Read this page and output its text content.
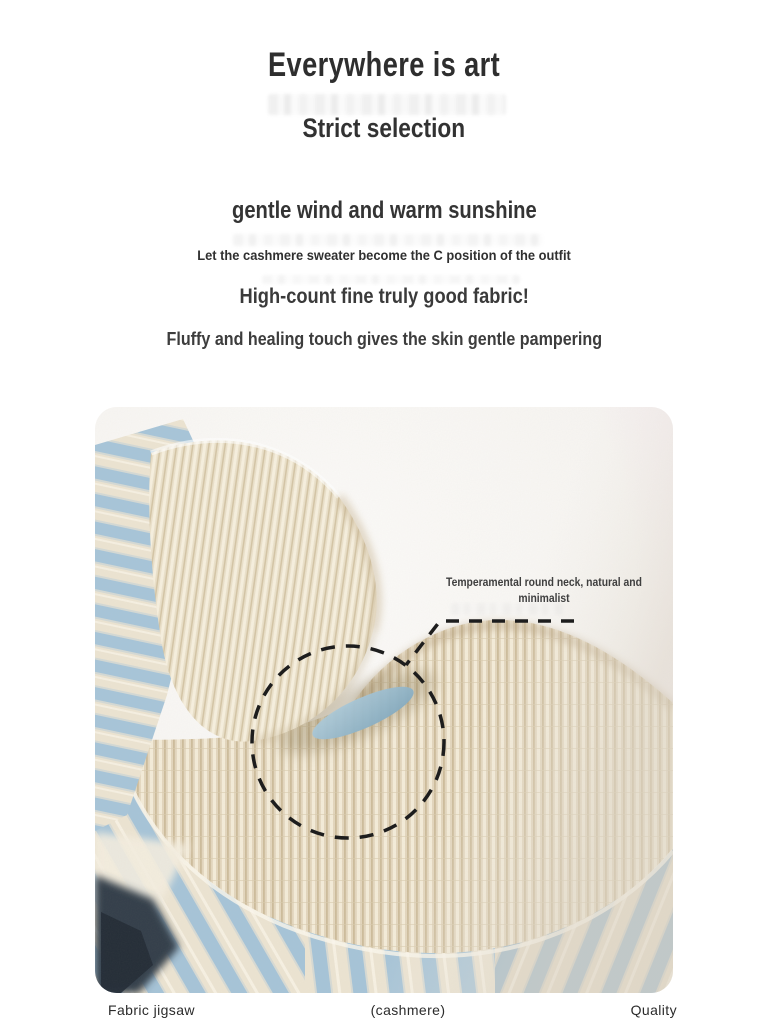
Everywhere is art
Strict selection
gentle wind and warm sunshine
Let the cashmere sweater become the C position of the outfit
High-count fine truly good fabric!
Fluffy and healing touch gives the skin gentle pampering
Temperamental round neck, natural and minimalist
Fabric jigsaw	(cashmere)	Quality
